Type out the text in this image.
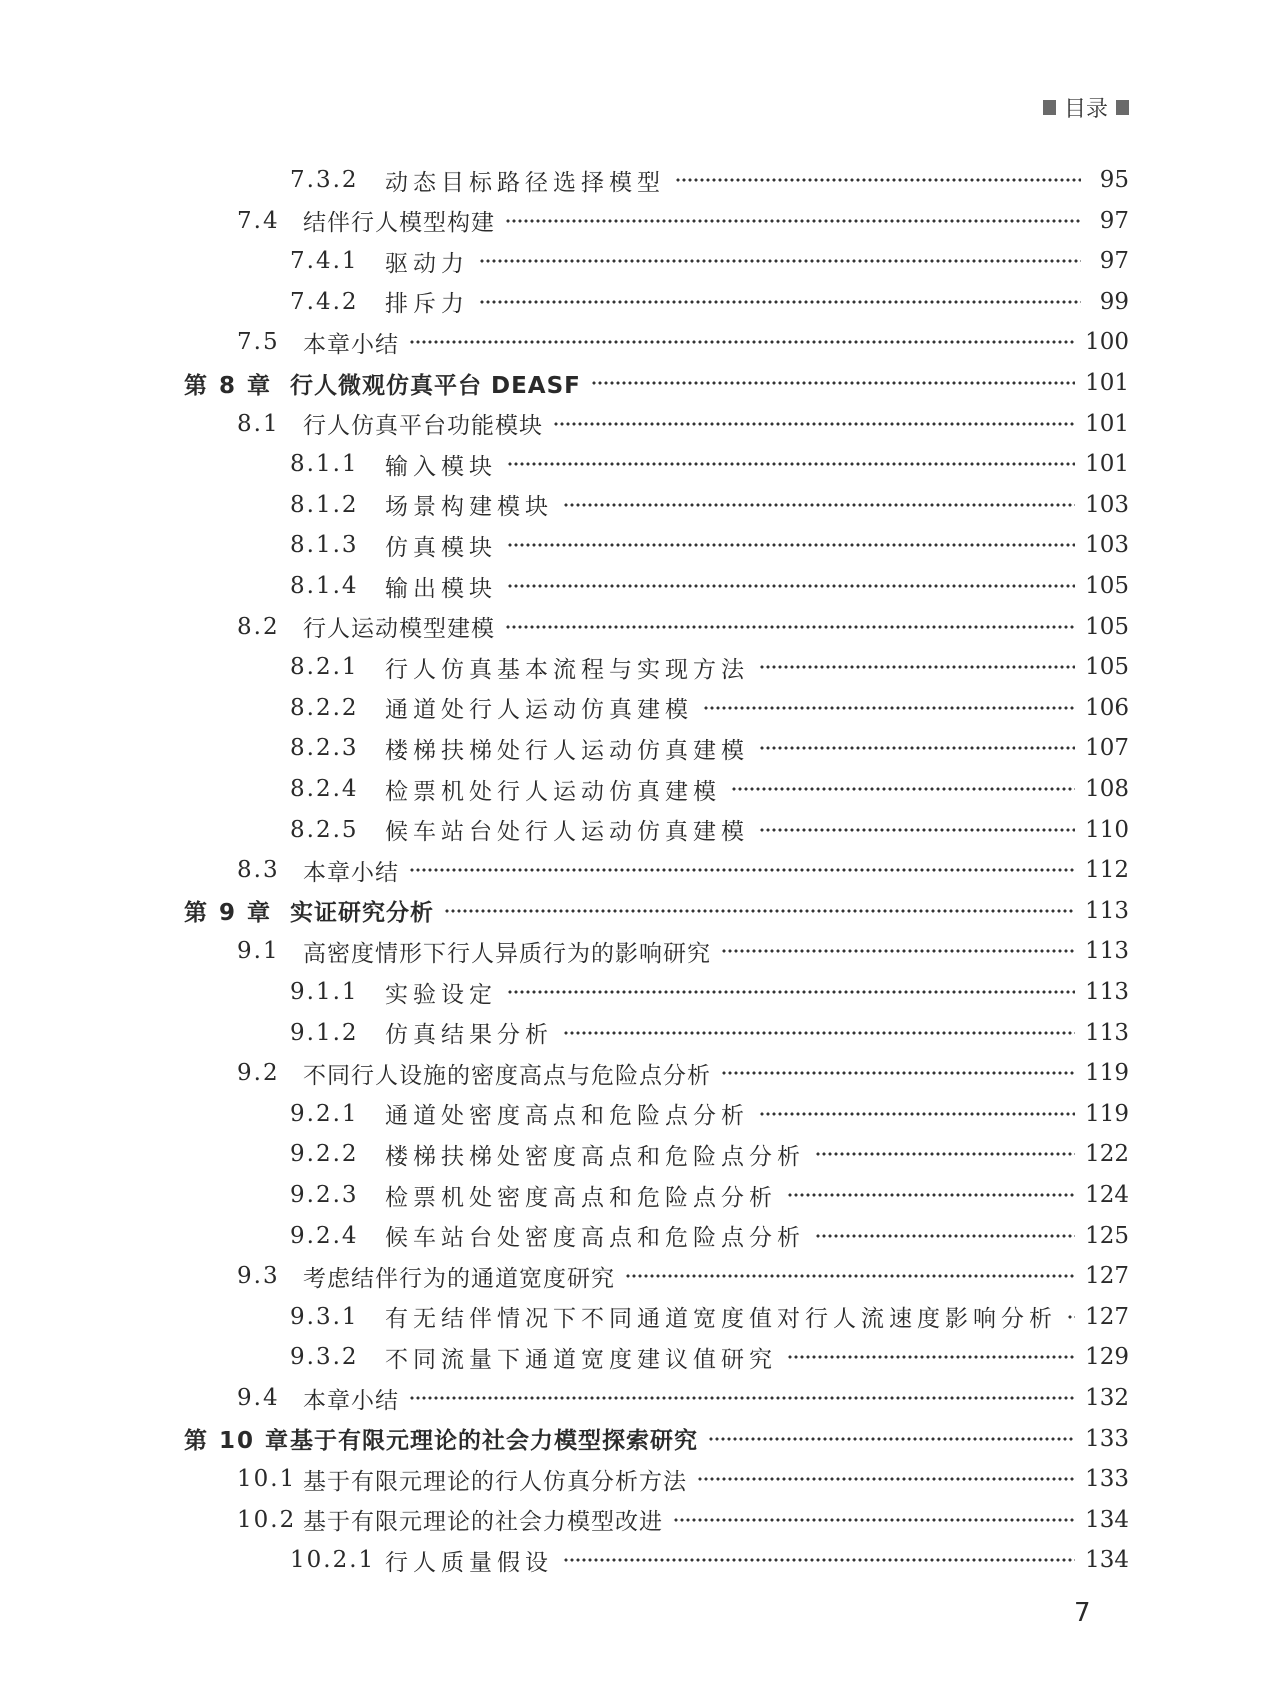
目录
7.3.2	动态目标路径选择模型	95
7.4	结伴行人模型构建	97
7.4.1	驱动力	97
7.4.2	排斥力	99
7.5	本章小结	100
第 8 章 行人微观仿真平台 DEASF	101
8.1	行人仿真平台功能模块	101
8.1.1	输入模块	101
8.1.2	场景构建模块	103
8.1.3	仿真模块	103
8.1.4	输出模块	105
8.2	行人运动模型建模	105
8.2.1	行人仿真基本流程与实现方法	105
8.2.2	通道处行人运动仿真建模	106
8.2.3	楼梯扶梯处行人运动仿真建模	107
8.2.4	检票机处行人运动仿真建模	108
8.2.5	候车站台处行人运动仿真建模	110
8.3	本章小结	112
第 9 章 实证研究分析	113
9.1	高密度情形下行人异质行为的影响研究	113
9.1.1	实验设定	113
9.1.2	仿真结果分析	113
9.2	不同行人设施的密度高点与危险点分析	119
9.2.1	通道处密度高点和危险点分析	119
9.2.2	楼梯扶梯处密度高点和危险点分析	122
9.2.3	检票机处密度高点和危险点分析	124
9.2.4	候车站台处密度高点和危险点分析	125
9.3	考虑结伴行为的通道宽度研究	127
9.3.1	有无结伴情况下不同通道宽度值对行人流速度影响分析 127
9.3.2	不同流量下通道宽度建议值研究	129
9.4	本章小结	132
第 10 章 基于有限元理论的社会力模型探索研究	133
10.1 基于有限元理论的行人仿真分析方法	133
10.2 基于有限元理论的社会力模型改进	134
10.2.1 行人质量假设	134
7
